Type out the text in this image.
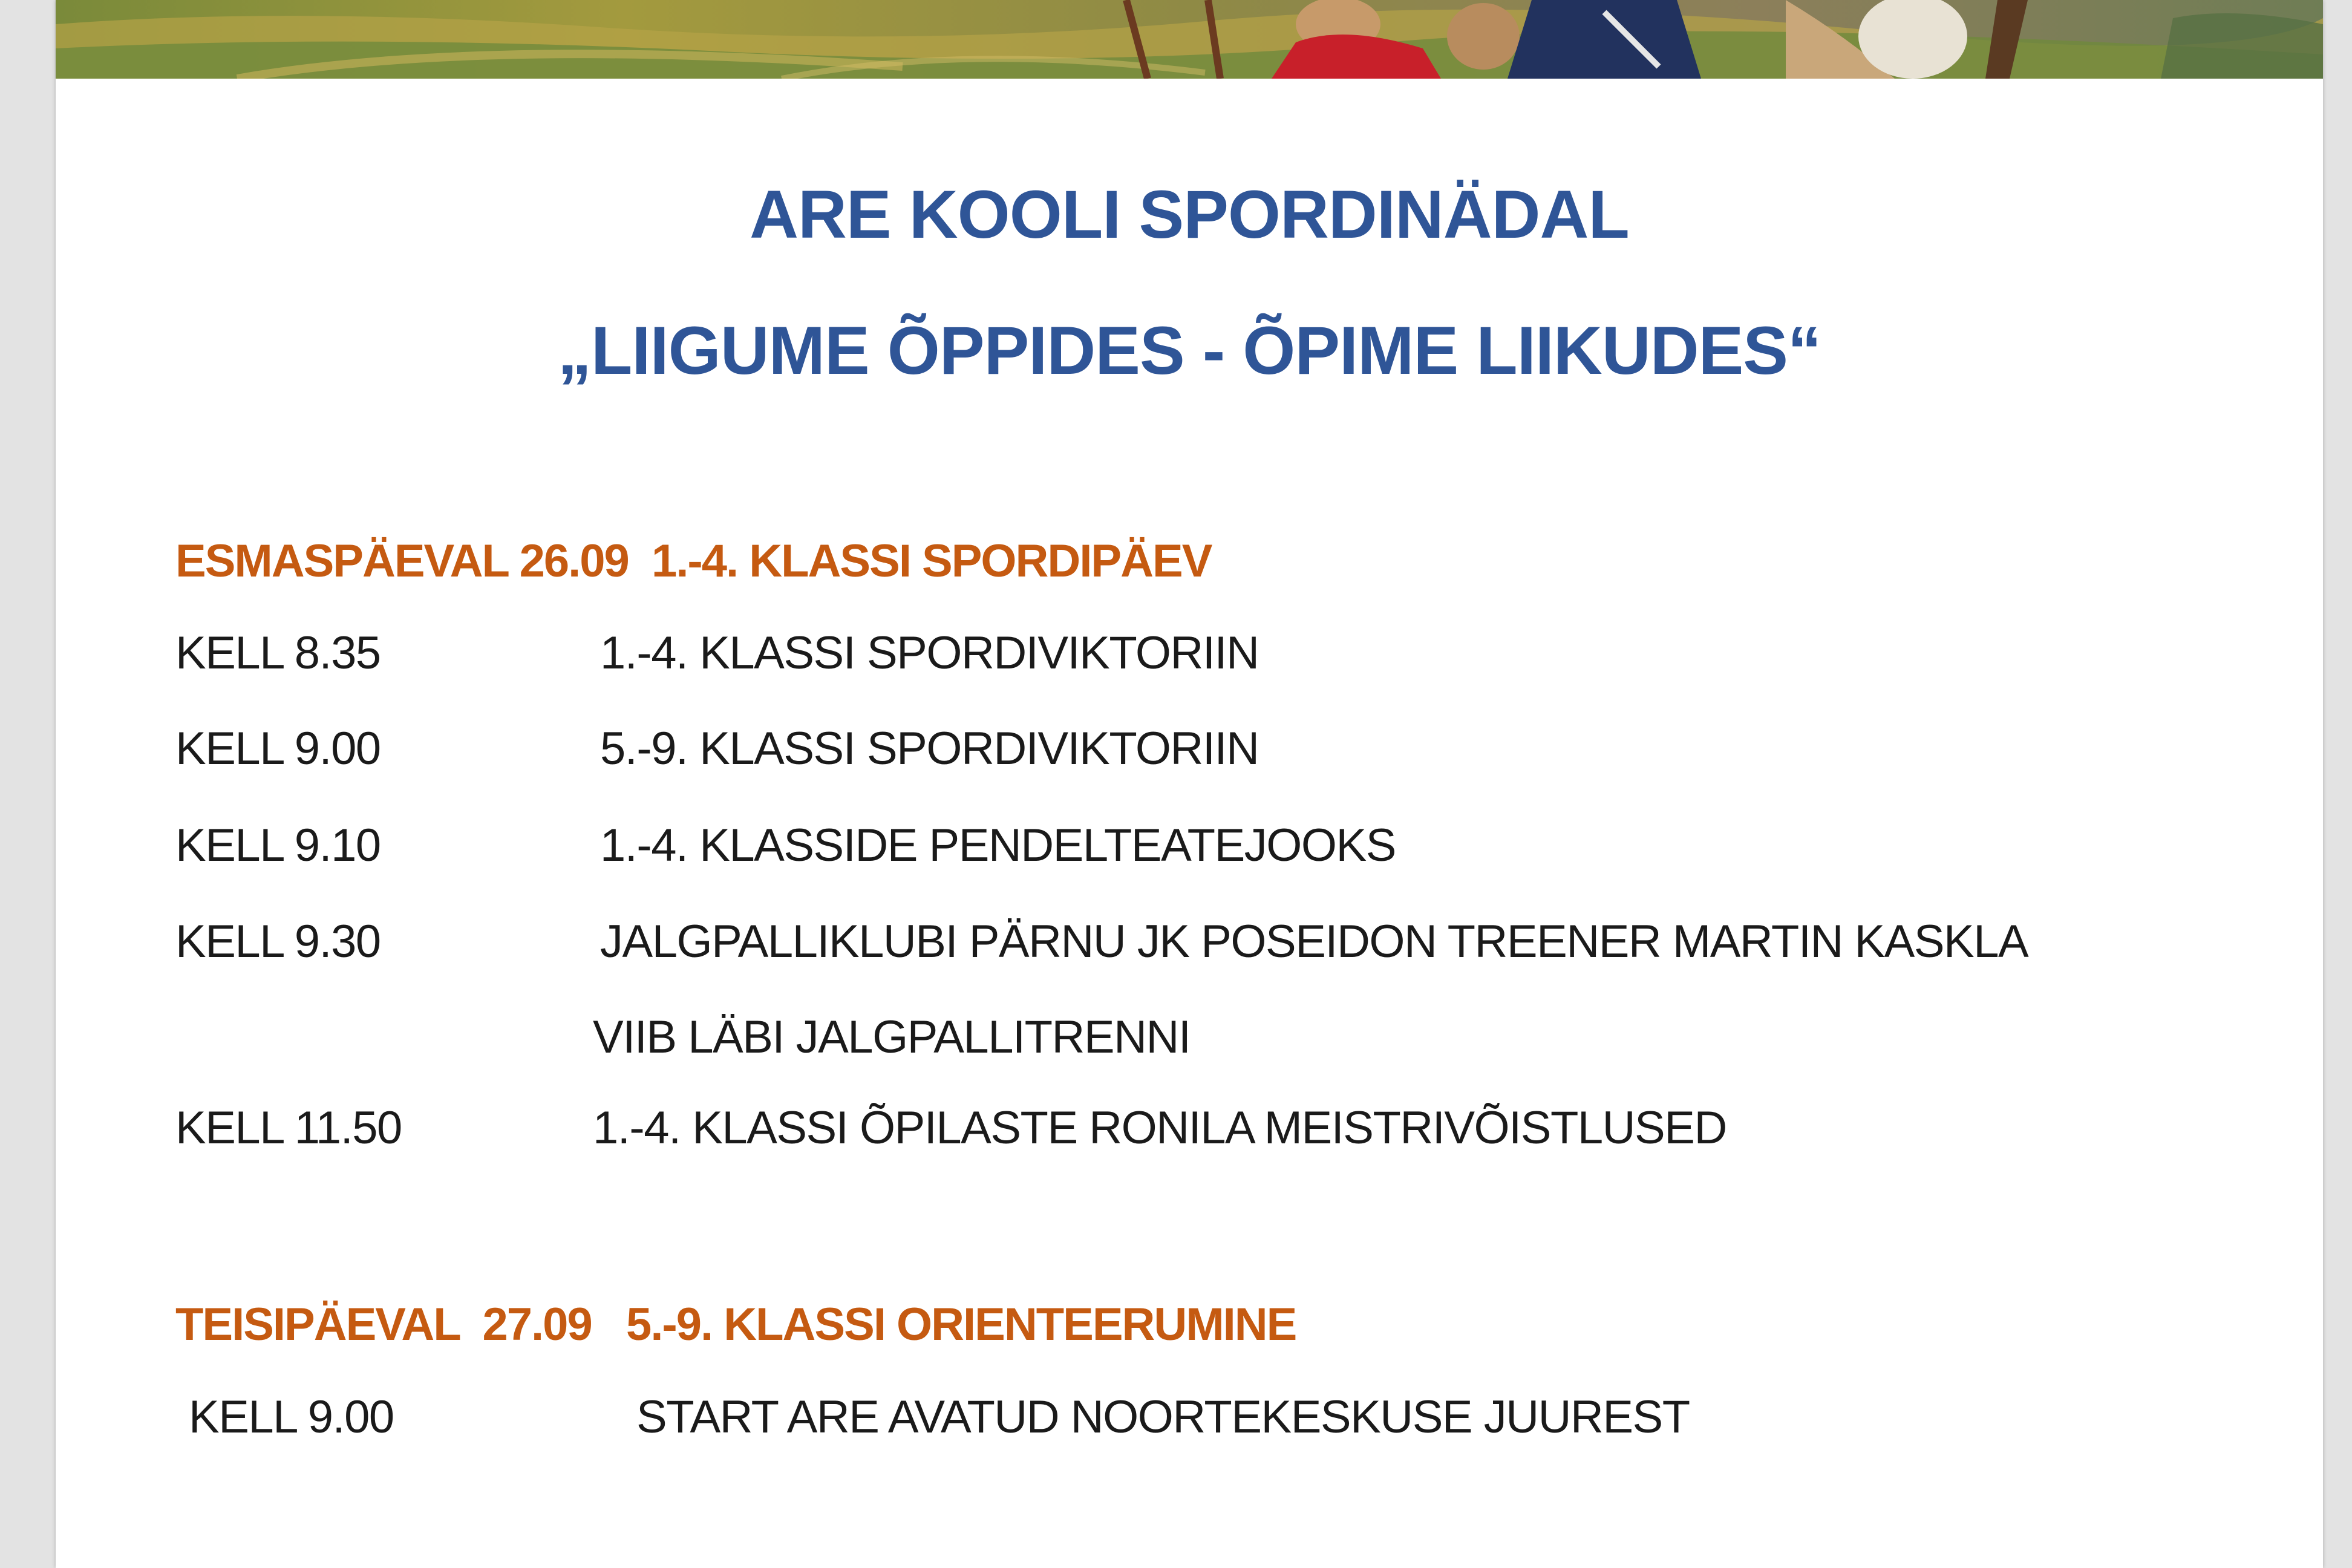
ARE KOOLI SPORDINÄDAL
„LIIGUME ÕPPIDES - ÕPIME LIIKUDES“
ESMASPÄEVAL 26.09  1.-4. KLASSI SPORDIPÄEV
KELL 8.35	1.-4. KLASSI SPORDIVIKTORIIN
KELL 9.00	5.-9. KLASSI SPORDIVIKTORIIN
KELL 9.10	1.-4. KLASSIDE PENDELTEATEJOOKS
KELL 9.30	JALGPALLIKLUBI PÄRNU JK POSEIDON TREENER MARTIN KASKLA
VIIB LÄBI JALGPALLITRENNI
KELL 11.50	1.-4. KLASSI ÕPILASTE RONILA MEISTRIVÕISTLUSED
TEISIPÄEVAL  27.09   5.-9. KLASSI ORIENTEERUMINE
KELL 9.00	START ARE AVATUD NOORTEKESKUSE JUUREST
